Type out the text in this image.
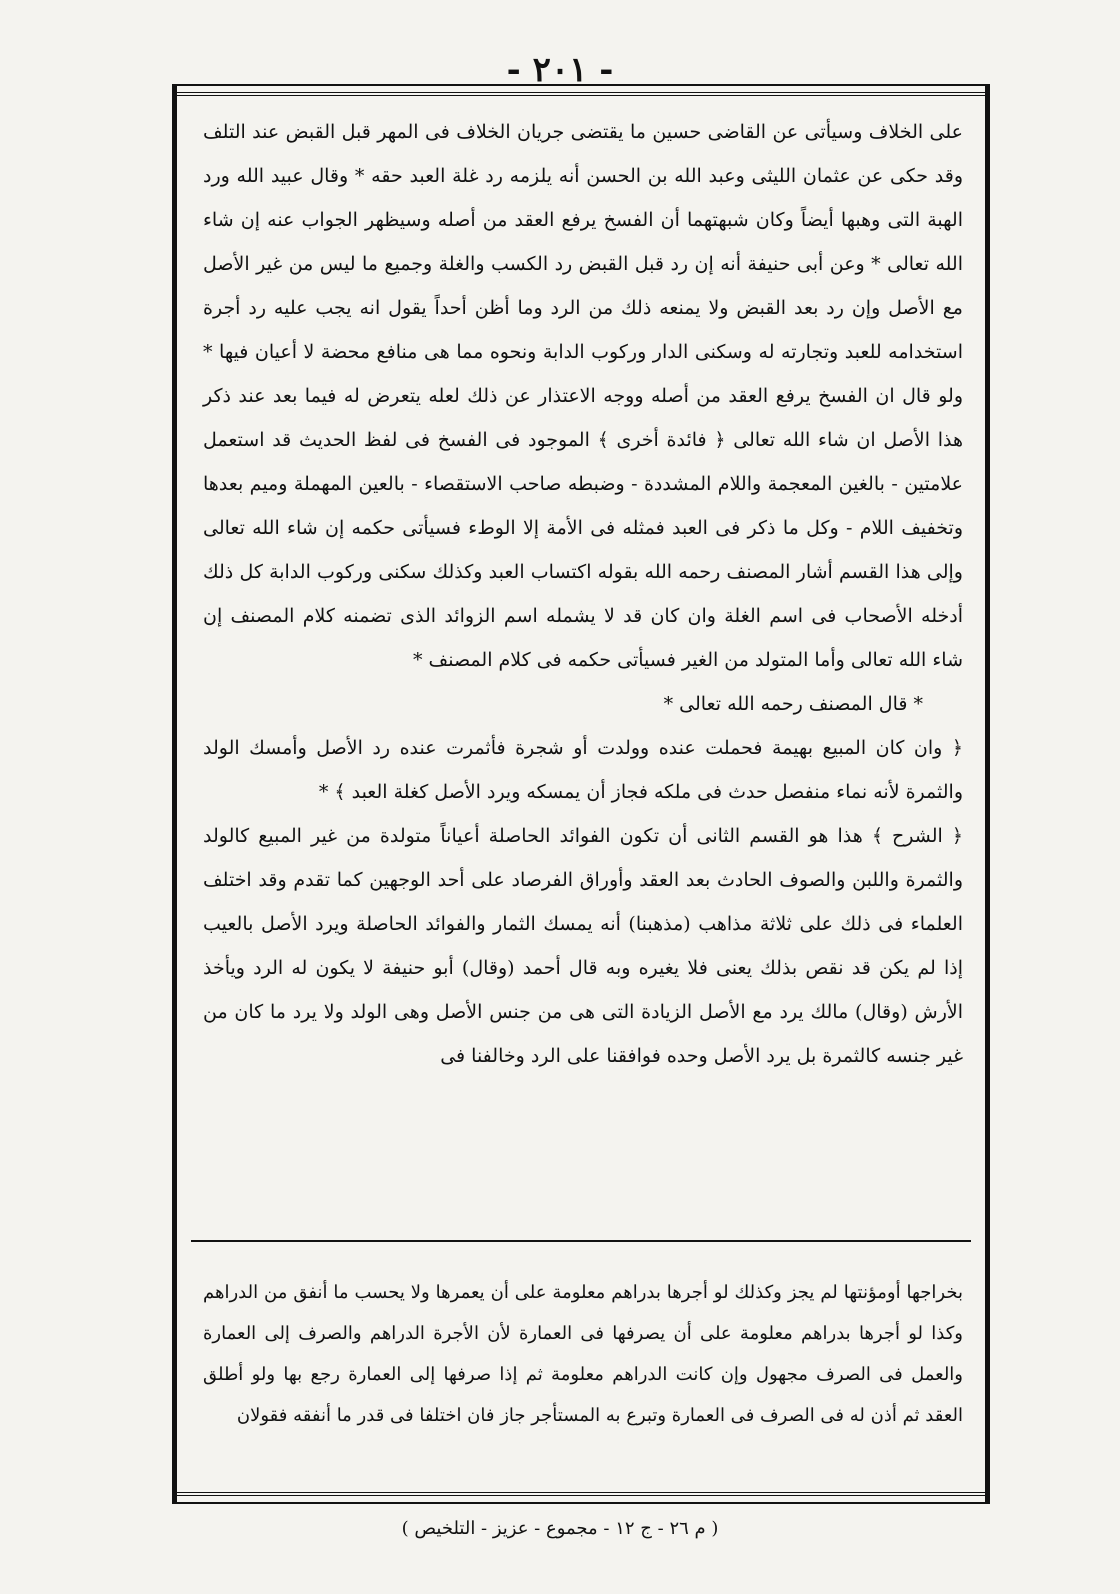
- ٢٠١ -

على الخلاف وسيأتى عن القاضى حسين ما يقتضى جريان الخلاف فى المهر قبل القبض عند التلف وقد حكى عن عثمان الليثى وعبد الله بن الحسن أنه يلزمه رد غلة العبد حقه * وقال عبيد الله ورد الهبة التى وهبها أيضاً وكان شبهتهما أن الفسخ يرفع العقد من أصله وسيظهر الجواب عنه إن شاء الله تعالى * وعن أبى حنيفة أنه إن رد قبل القبض رد الكسب والغلة وجميع ما ليس من غير الأصل مع الأصل وإن رد بعد القبض ولا يمنعه ذلك من الرد وما أظن أحداً يقول انه يجب عليه رد أجرة استخدامه للعبد وتجارته له وسكنى الدار وركوب الدابة ونحوه مما هى منافع محضة لا أعيان فيها * ولو قال ان الفسخ يرفع العقد من أصله ووجه الاعتذار عن ذلك لعله يتعرض له فيما بعد عند ذكر هذا الأصل ان شاء الله تعالى ﴿ فائدة أخرى ﴾ الموجود فى الفسخ فى لفظ الحديث قد استعمل علامتين - بالغين المعجمة واللام المشددة - وضبطه صاحب الاستقصاء - بالعين المهملة وميم بعدها وتخفيف اللام - وكل ما ذكر فى العبد فمثله فى الأمة إلا الوطء فسيأتى حكمه إن شاء الله تعالى وإلى هذا القسم أشار المصنف رحمه الله بقوله اكتساب العبد وكذلك سكنى وركوب الدابة كل ذلك أدخله الأصحاب فى اسم الغلة وان كان قد لا يشمله اسم الزوائد الذى تضمنه كلام المصنف إن شاء الله تعالى وأما المتولد من الغير فسيأتى حكمه فى كلام المصنف *

* قال المصنف رحمه الله تعالى *

﴿ وان كان المبيع بهيمة فحملت عنده وولدت أو شجرة فأثمرت عنده رد الأصل وأمسك الولد والثمرة لأنه نماء منفصل حدث فى ملكه فجاز أن يمسكه ويرد الأصل كغلة العبد ﴾ *

﴿ الشرح ﴾ هذا هو القسم الثانى أن تكون الفوائد الحاصلة أعياناً متولدة من غير المبيع كالولد والثمرة واللبن والصوف الحادث بعد العقد وأوراق الفرصاد على أحد الوجهين كما تقدم وقد اختلف العلماء فى ذلك على ثلاثة مذاهب (مذهبنا) أنه يمسك الثمار والفوائد الحاصلة ويرد الأصل بالعيب إذا لم يكن قد نقص بذلك يعنى فلا يغيره وبه قال أحمد (وقال) أبو حنيفة لا يكون له الرد ويأخذ الأرش (وقال) مالك يرد مع الأصل الزيادة التى هى من جنس الأصل وهى الولد ولا يرد ما كان من غير جنسه كالثمرة بل يرد الأصل وحده فوافقنا على الرد وخالفنا فى

بخراجها أومؤنتها لم يجز وكذلك لو أجرها بدراهم معلومة على أن يعمرها ولا يحسب ما أنفق من الدراهم وكذا لو أجرها بدراهم معلومة على أن يصرفها فى العمارة لأن الأجرة الدراهم والصرف إلى العمارة والعمل فى الصرف مجهول وإن كانت الدراهم معلومة ثم إذا صرفها إلى العمارة رجع بها ولو أطلق العقد ثم أذن له فى الصرف فى العمارة وتبرع به المستأجر جاز فان اختلفا فى قدر ما أنفقه فقولان
( م ٢٦ - ج ١٢ - مجموع - عزيز - التلخيص )
